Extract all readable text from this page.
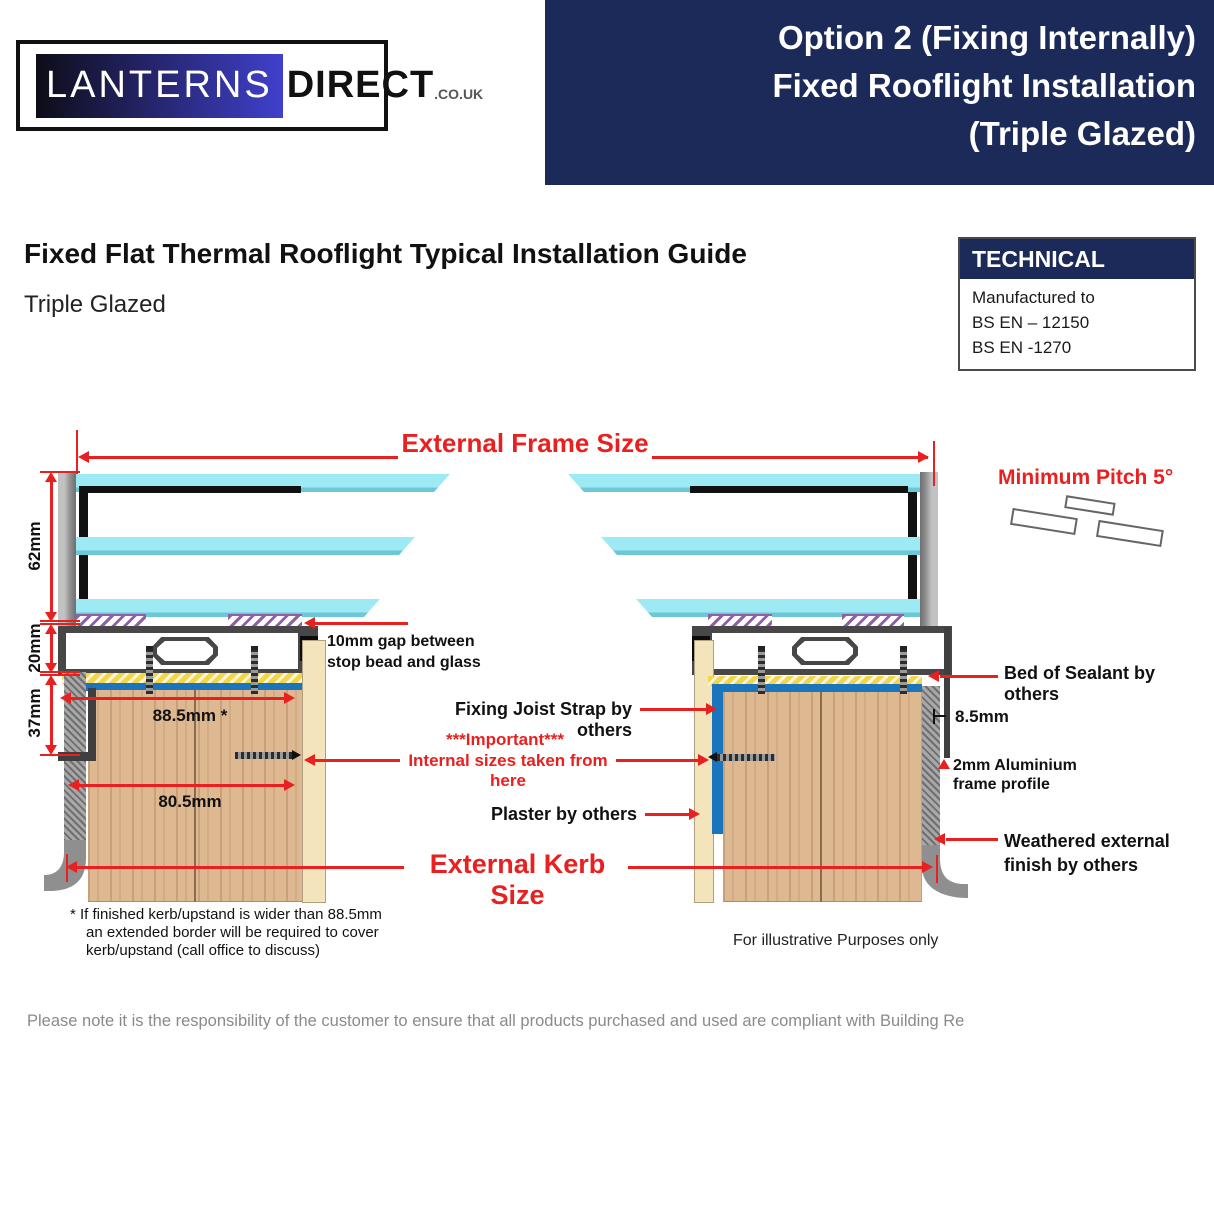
Option 2 (Fixing Internally)
Fixed Rooflight Installation
(Triple Glazed)
LANTERNS DIRECT .CO.UK
Fixed Flat Thermal Rooflight Typical Installation Guide
Triple Glazed
TECHNICAL
Manufactured to
BS EN – 12150
BS EN -1270
External Frame Size
Minimum Pitch 5°
62mm
20mm
37mm	88.5mm *
80.5mm
10mm gap between
stop bead and glass
Fixing Joist Strap by others
***Important***
Internal sizes taken from here
Plaster by others
External Kerb Size
Bed of Sealant by others
8.5mm
2mm Aluminium
frame profile
Weathered external
finish by others
* If finished kerb/upstand is wider than 88.5mm
an extended border will be required to cover
kerb/upstand (call office to discuss)
For illustrative Purposes only
Please note it is the responsibility of the customer to ensure that all products purchased and used are compliant with Building Re
